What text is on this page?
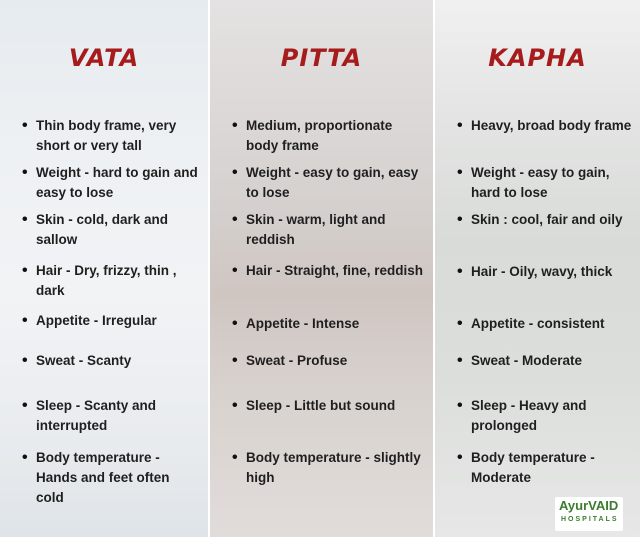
VATA
• Thin body frame, very short or very tall
• Weight - hard to gain and easy to lose
• Skin - cold, dark and sallow
• Hair - Dry, frizzy, thin , dark
• Appetite - Irregular
• Sweat - Scanty
• Sleep - Scanty and interrupted
• Body temperature - Hands and feet often cold
PITTA
• Medium, proportionate body frame
• Weight - easy to gain, easy to lose
• Skin - warm, light and reddish
• Hair - Straight, fine, reddish
• Appetite - Intense
• Sweat - Profuse
• Sleep - Little but sound
• Body temperature - slightly high
KAPHA
• Heavy, broad body frame
• Weight - easy to gain, hard to lose
• Skin : cool, fair and oily
• Hair - Oily, wavy, thick
• Appetite - consistent
• Sweat - Moderate
• Sleep - Heavy and prolonged
• Body temperature - Moderate
AyurVAID
HOSPITALS
